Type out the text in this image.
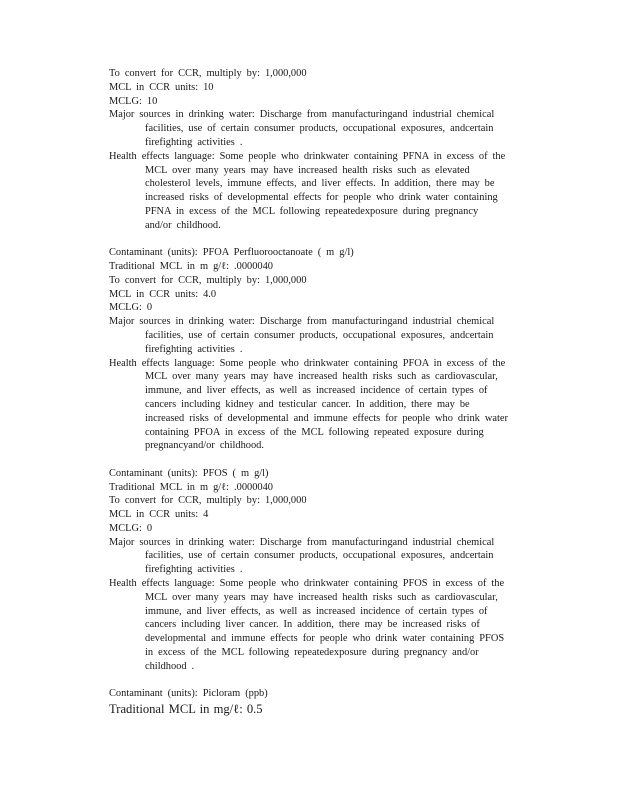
To convert for CCR, multiply by: 1,000,000
MCL in CCR units: 10
MCLG: 10
Major sources in drinking water: Discharge from manufacturingand industrial chemical
facilities, use of certain consumer products, occupational exposures, andcertain
firefighting activities .
Health effects language: Some people who drinkwater containing PFNA in excess of the
MCL over many years may have increased health risks such as elevated
cholesterol levels, immune effects, and liver effects. In addition, there may be
increased risks of developmental effects for people who drink water containing
PFNA in excess of the MCL following repeatedexposure during pregnancy
and/or childhood.
Contaminant (units): PFOA Perfluorooctanoate ( m g/l)
Traditional MCL in m g/ℓ: .0000040
To convert for CCR, multiply by: 1,000,000
MCL in CCR units: 4.0
MCLG: 0
Major sources in drinking water: Discharge from manufacturingand industrial chemical
facilities, use of certain consumer products, occupational exposures, andcertain
firefighting activities .
Health effects language: Some people who drinkwater containing PFOA in excess of the
MCL over many years may have increased health risks such as cardiovascular,
immune, and liver effects, as well as increased incidence of certain types of
cancers including kidney and testicular cancer. In addition, there may be
increased risks of developmental and immune effects for people who drink water
containing PFOA in excess of the MCL following repeated exposure during
pregnancyand/or childhood.
Contaminant (units): PFOS ( m g/l)
Traditional MCL in m g/ℓ: .0000040
To convert for CCR, multiply by: 1,000,000
MCL in CCR units: 4
MCLG: 0
Major sources in drinking water: Discharge from manufacturingand industrial chemical
facilities, use of certain consumer products, occupational exposures, andcertain
firefighting activities .
Health effects language: Some people who drinkwater containing PFOS in excess of the
MCL over many years may have increased health risks such as cardiovascular,
immune, and liver effects, as well as increased incidence of certain types of
cancers including liver cancer. In addition, there may be increased risks of
developmental and immune effects for people who drink water containing PFOS
in excess of the MCL following repeatedexposure during pregnancy and/or
childhood .
Contaminant (units): Picloram (ppb)
Traditional MCL in mg/ℓ: 0.5
